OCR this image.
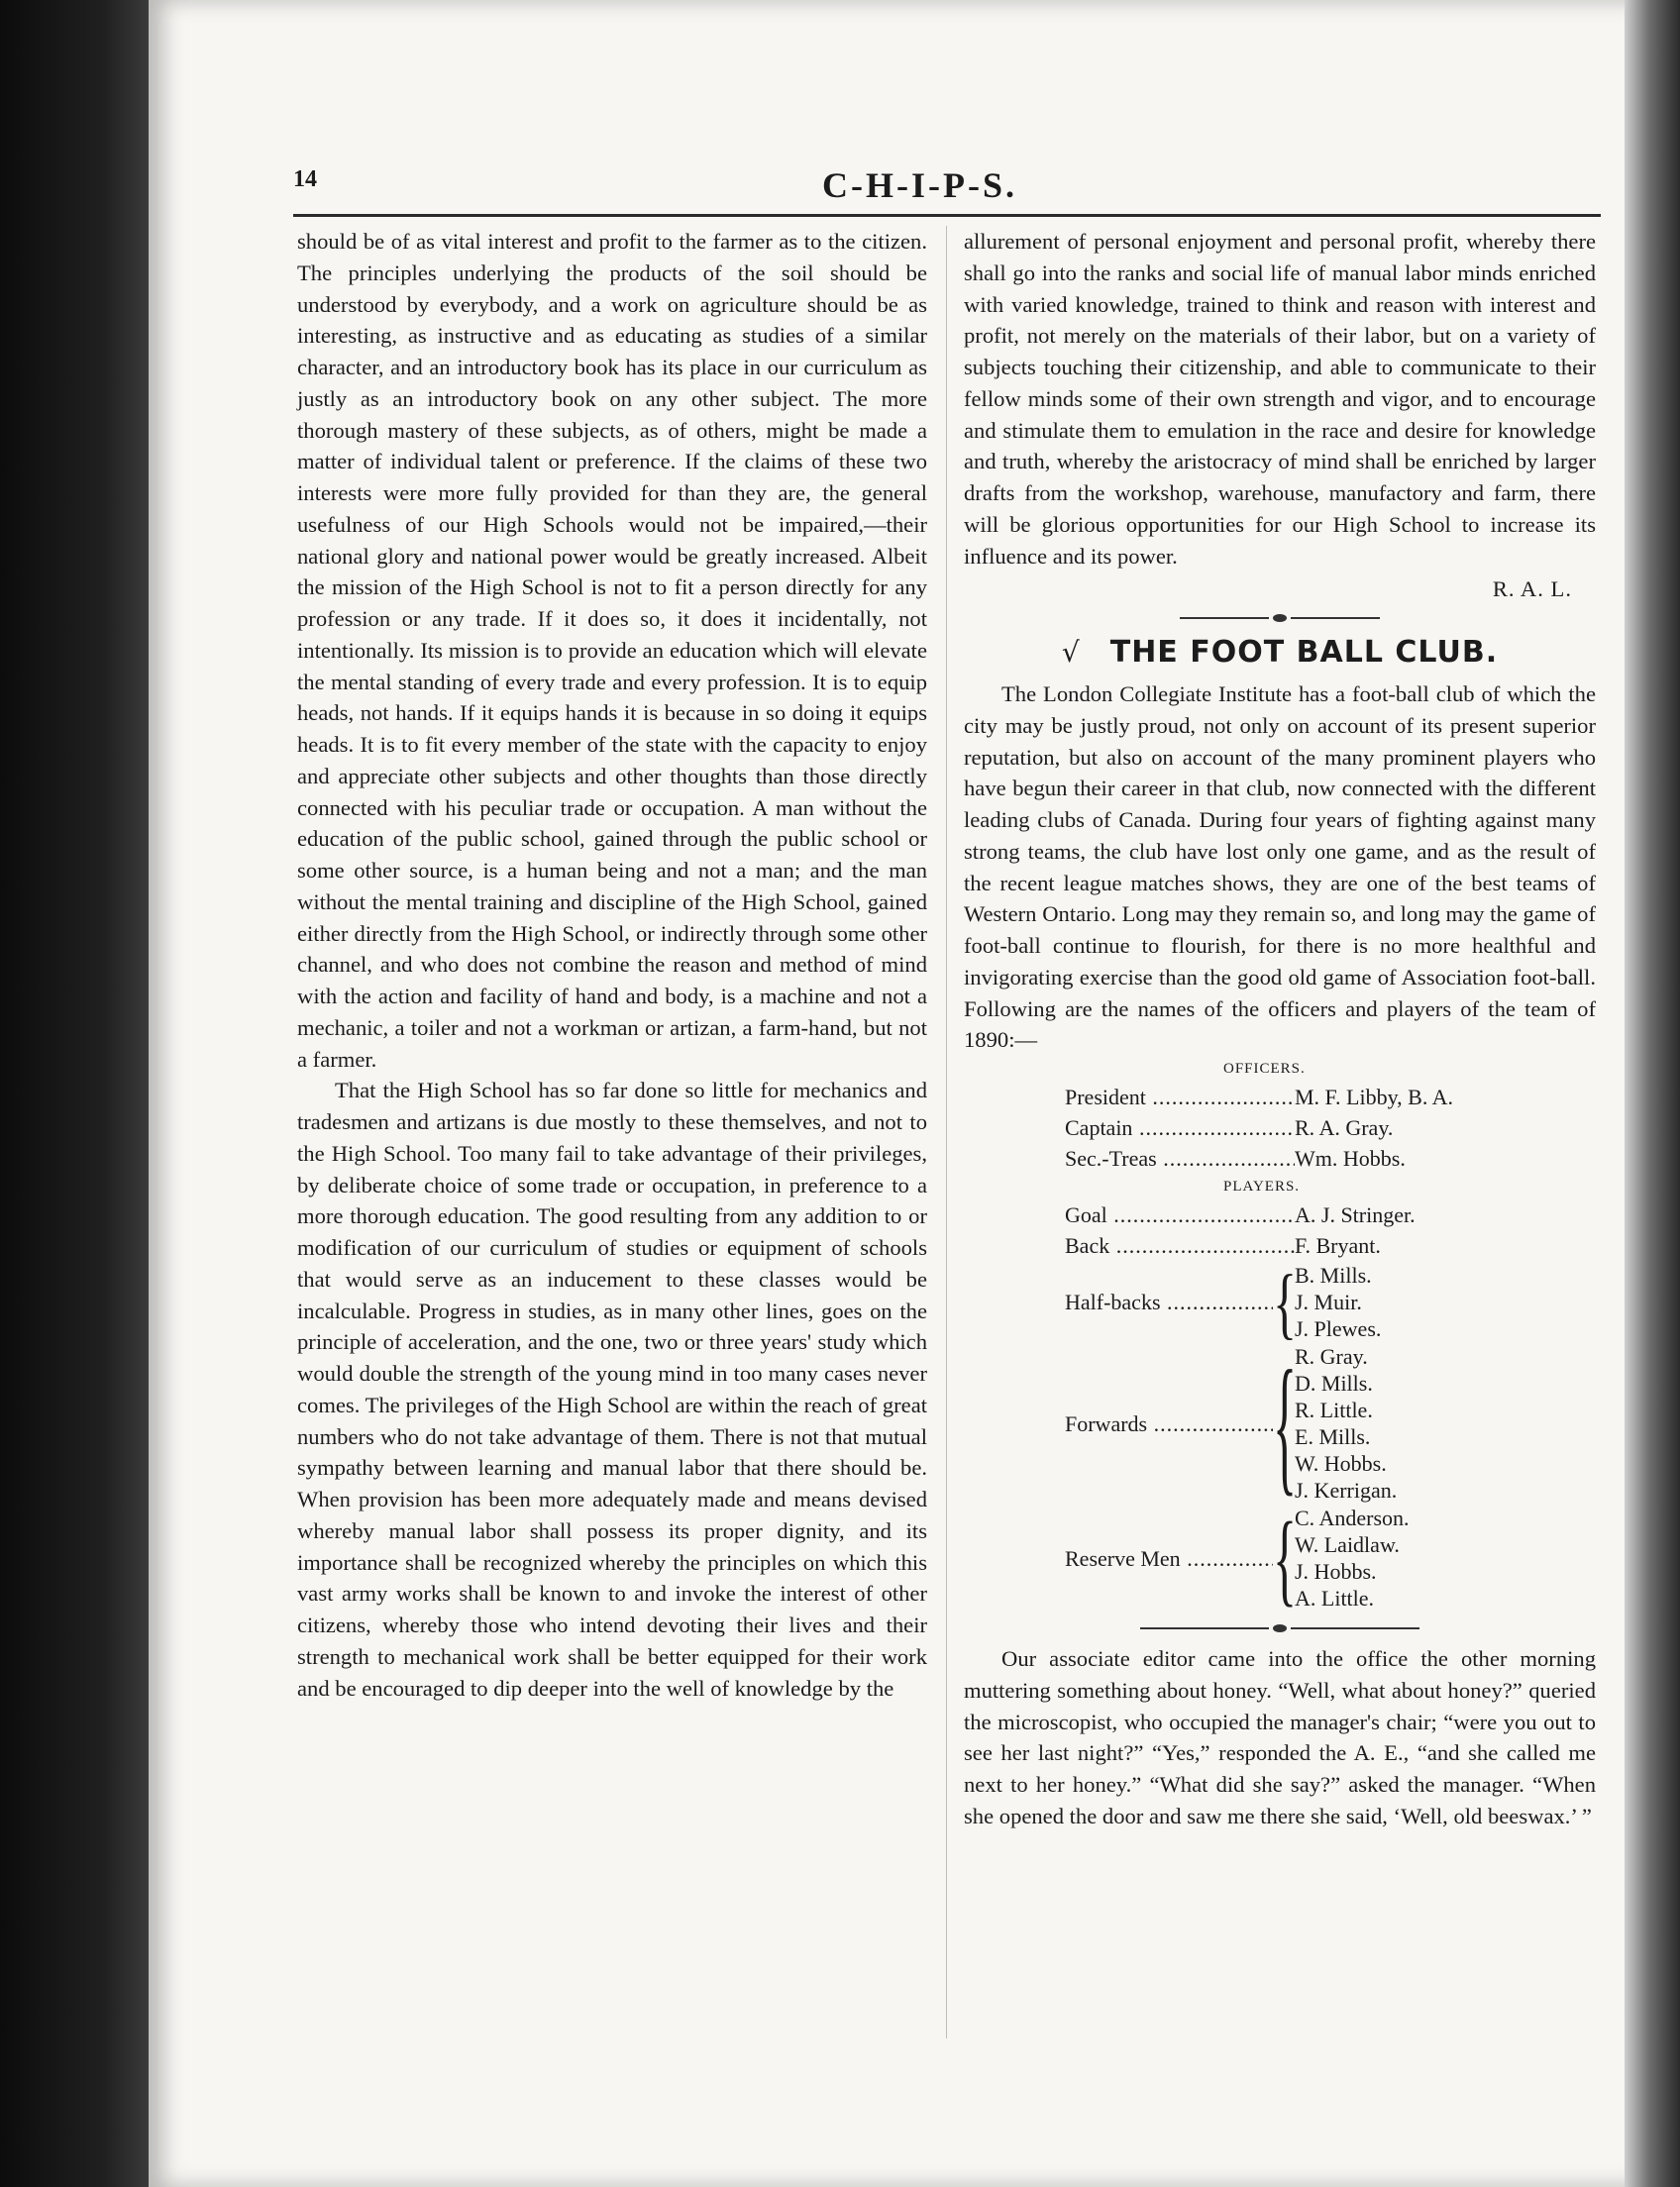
14	C-H-I-P-S.

should be of as vital interest and profit to the farmer as to the citizen. The principles underlying the products of the soil should be understood by everybody, and a work on agriculture should be as interesting, as instructive and as educating as studies of a similar character, and an introductory book has its place in our curriculum as justly as an introductory book on any other subject. The more thorough mastery of these subjects, as of others, might be made a matter of individual talent or preference. If the claims of these two interests were more fully provided for than they are, the general usefulness of our High Schools would not be impaired,—their national glory and national power would be greatly increased. Albeit the mission of the High School is not to fit a person directly for any profession or any trade. If it does so, it does it incidentally, not intentionally. Its mission is to provide an education which will elevate the mental standing of every trade and every profession. It is to equip heads, not hands. If it equips hands it is because in so doing it equips heads. It is to fit every member of the state with the capacity to enjoy and appreciate other subjects and other thoughts than those directly connected with his peculiar trade or occupation. A man without the education of the public school, gained through the public school or some other source, is a human being and not a man; and the man without the mental training and discipline of the High School, gained either directly from the High School, or indirectly through some other channel, and who does not combine the reason and method of mind with the action and facility of hand and body, is a machine and not a mechanic, a toiler and not a workman or artizan, a farm-hand, but not a farmer.

That the High School has so far done so little for mechanics and tradesmen and artizans is due mostly to these themselves, and not to the High School. Too many fail to take advantage of their privileges, by deliberate choice of some trade or occupation, in preference to a more thorough education. The good resulting from any addition to or modification of our curriculum of studies or equipment of schools that would serve as an inducement to these classes would be incalculable. Progress in studies, as in many other lines, goes on the principle of acceleration, and the one, two or three years' study which would double the strength of the young mind in too many cases never comes. The privileges of the High School are within the reach of great numbers who do not take advantage of them. There is not that mutual sympathy between learning and manual labor that there should be. When provision has been more adequately made and means devised whereby manual labor shall possess its proper dignity, and its importance shall be recognized whereby the principles on which this vast army works shall be known to and invoke the interest of other citizens, whereby those who intend devoting their lives and their strength to mechanical work shall be better equipped for their work and be encouraged to dip deeper into the well of knowledge by the

allurement of personal enjoyment and personal profit, whereby there shall go into the ranks and social life of manual labor minds enriched with varied knowledge, trained to think and reason with interest and profit, not merely on the materials of their labor, but on a variety of subjects touching their citizenship, and able to communicate to their fellow minds some of their own strength and vigor, and to encourage and stimulate them to emulation in the race and desire for knowledge and truth, whereby the aristocracy of mind shall be enriched by larger drafts from the workshop, warehouse, manufactory and farm, there will be glorious opportunities for our High School to increase its influence and its power.

R. A. L.

√ THE FOOT BALL CLUB.

The London Collegiate Institute has a foot-ball club of which the city may be justly proud, not only on account of its present superior reputation, but also on account of the many prominent players who have begun their career in that club, now connected with the different leading clubs of Canada. During four years of fighting against many strong teams, the club have lost only one game, and as the result of the recent league matches shows, they are one of the best teams of Western Ontario. Long may they remain so, and long may the game of foot-ball continue to flourish, for there is no more healthful and invigorating exercise than the good old game of Association foot-ball. Following are the names of the officers and players of the team of 1890:—

OFFICERS.
President .....	M. F. Libby, B. A.
Captain .....	R. A. Gray.
Sec.-Treas .....	Wm. Hobbs.
PLAYERS.
Goal .....	A. J. Stringer.
Back .....	F. Bryant.
Half-backs .....	{
B. Mills.
J. Muir.
J. Plewes.
Forwards .....	{
R. Gray.
D. Mills.
R. Little.
E. Mills.
W. Hobbs.
J. Kerrigan.
Reserve Men .....	{
C. Anderson.
W. Laidlaw.
J. Hobbs.
A. Little.

Our associate editor came into the office the other morning muttering something about honey. “Well, what about honey?” queried the microscopist, who occupied the manager's chair; “were you out to see her last night?” “Yes,” responded the A. E., “and she called me next to her honey.” “What did she say?” asked the manager. “When she opened the door and saw me there she said, ‘Well, old beeswax.’ ”
